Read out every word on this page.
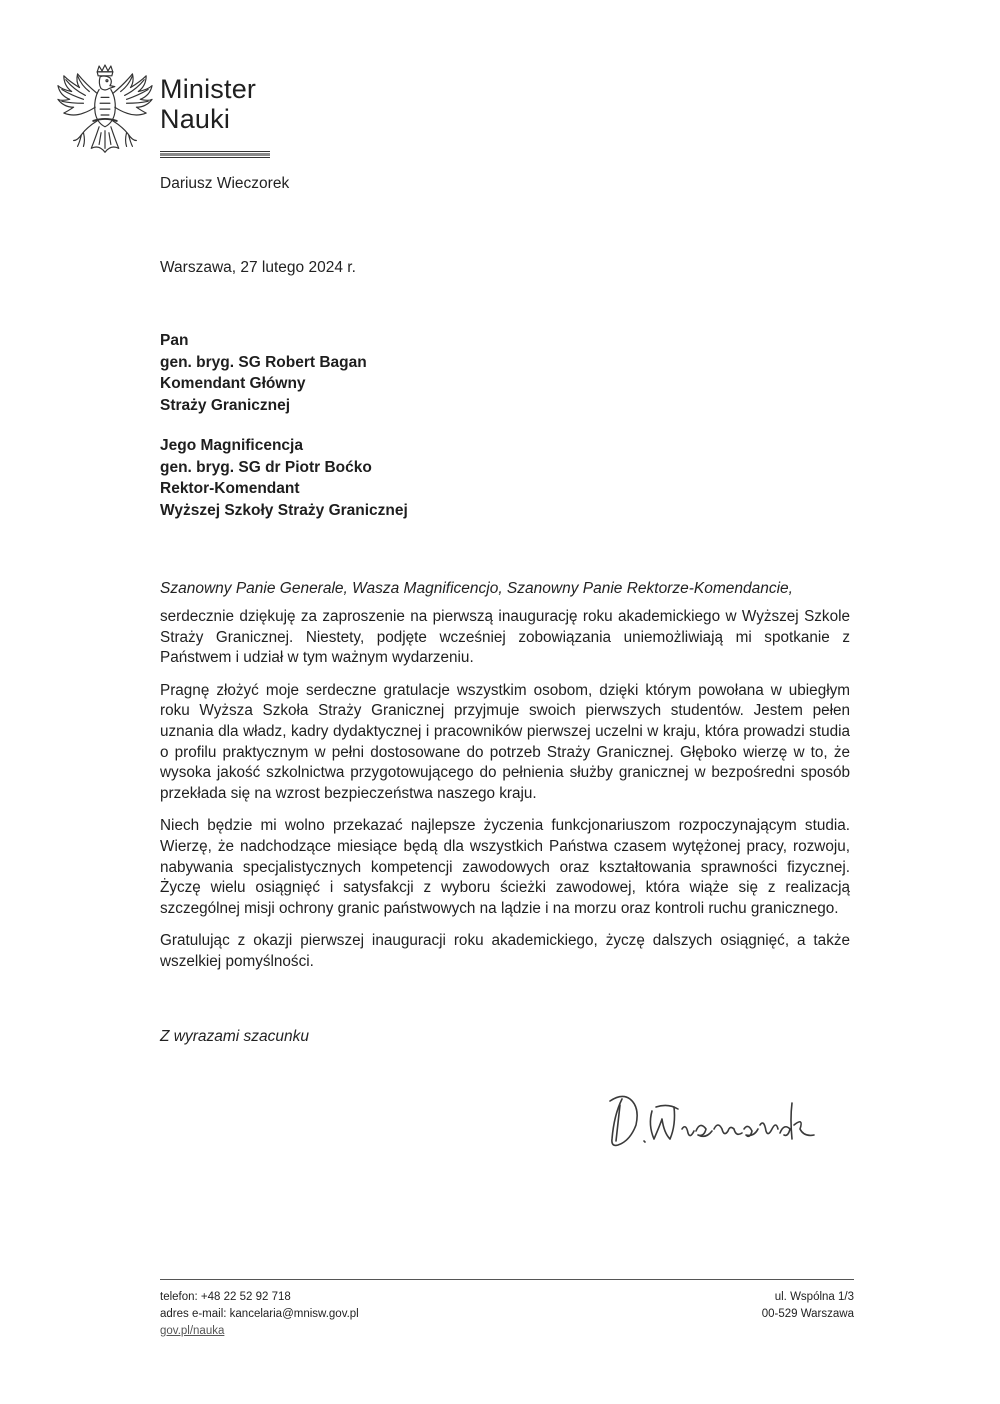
Minister
Nauki
Dariusz Wieczorek
Warszawa, 27 lutego 2024 r.
Pan
gen. bryg. SG Robert Bagan
Komendant Główny
Straży Granicznej
Jego Magnificencja
gen. bryg. SG dr Piotr Boćko
Rektor-Komendant
Wyższej Szkoły Straży Granicznej
Szanowny Panie Generale, Wasza Magnificencjo, Szanowny Panie Rektorze-Komendancie,

serdecznie dziękuję za zaproszenie na pierwszą inaugurację roku akademickiego w Wyższej Szkole Straży Granicznej. Niestety, podjęte wcześniej zobowiązania uniemożliwiają mi spotkanie z Państwem i udział w tym ważnym wydarzeniu.

Pragnę złożyć moje serdeczne gratulacje wszystkim osobom, dzięki którym powołana w ubiegłym roku Wyższa Szkoła Straży Granicznej przyjmuje swoich pierwszych studentów. Jestem pełen uznania dla władz, kadry dydaktycznej i pracowników pierwszej uczelni w kraju, która prowadzi studia o profilu praktycznym w pełni dostosowane do potrzeb Straży Granicznej. Głęboko wierzę w to, że wysoka jakość szkolnictwa przygotowującego do pełnienia służby granicznej w bezpośredni sposób przekłada się na wzrost bezpieczeństwa naszego kraju.

Niech będzie mi wolno przekazać najlepsze życzenia funkcjonariuszom rozpoczynającym studia. Wierzę, że nadchodzące miesiące będą dla wszystkich Państwa czasem wytężonej pracy, rozwoju, nabywania specjalistycznych kompetencji zawodowych oraz kształtowania sprawności fizycznej. Życzę wielu osiągnięć i satysfakcji z wyboru ścieżki zawodowej, która wiąże się z realizacją szczególnej misji ochrony granic państwowych na lądzie i na morzu oraz kontroli ruchu granicznego.

Gratulując z okazji pierwszej inauguracji roku akademickiego, życzę dalszych osiągnięć, a także wszelkiej pomyślności.

Z wyrazami szacunku
telefon: +48 22 52 92 718
adres e-mail: kancelaria@mnisw.gov.pl
gov.pl/nauka
ul. Wspólna 1/3
00-529 Warszawa
